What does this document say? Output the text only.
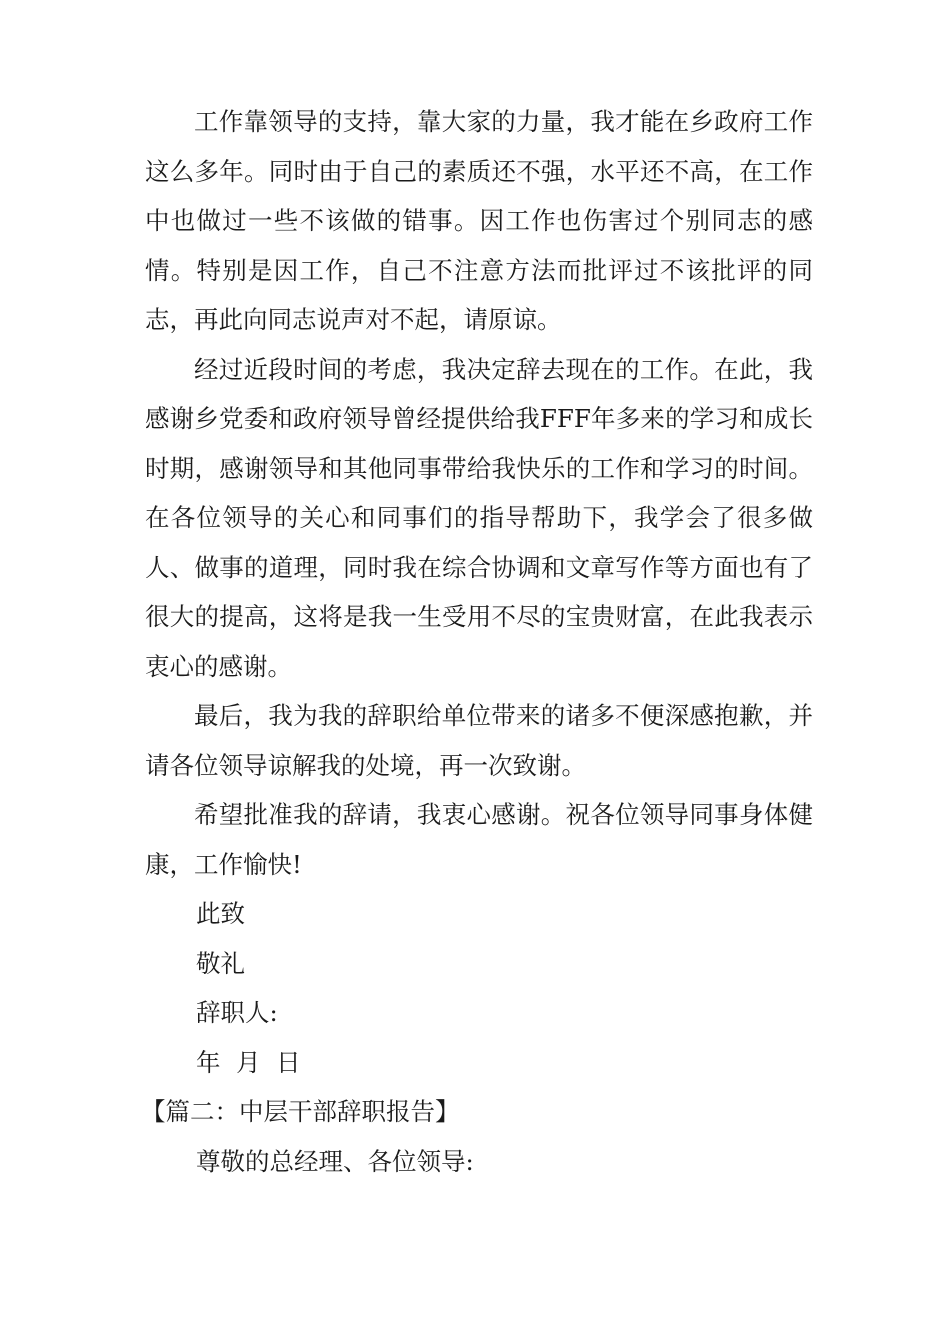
工作靠领导的支持，靠大家的力量，我才能在乡政府工作这么多年。同时由于自己的素质还不强，水平还不高，在工作中也做过一些不该做的错事。因工作也伤害过个别同志的感情。特别是因工作，自己不注意方法而批评过不该批评的同志，再此向同志说声对不起，请原谅。

经过近段时间的考虑，我决定辞去现在的工作。在此，我感谢乡党委和政府领导曾经提供给我FFF年多来的学习和成长时期，感谢领导和其他同事带给我快乐的工作和学习的时间。在各位领导的关心和同事们的指导帮助下，我学会了很多做人、做事的道理，同时我在综合协调和文章写作等方面也有了很大的提高，这将是我一生受用不尽的宝贵财富，在此我表示衷心的感谢。

最后，我为我的辞职给单位带来的诸多不便深感抱歉，并请各位领导谅解我的处境，再一次致谢。

希望批准我的辞请，我衷心感谢。祝各位领导同事身体健康，工作愉快!

此致

敬礼

辞职人:

年  月  日

【篇二：中层干部辞职报告】

尊敬的总经理、各位领导:
